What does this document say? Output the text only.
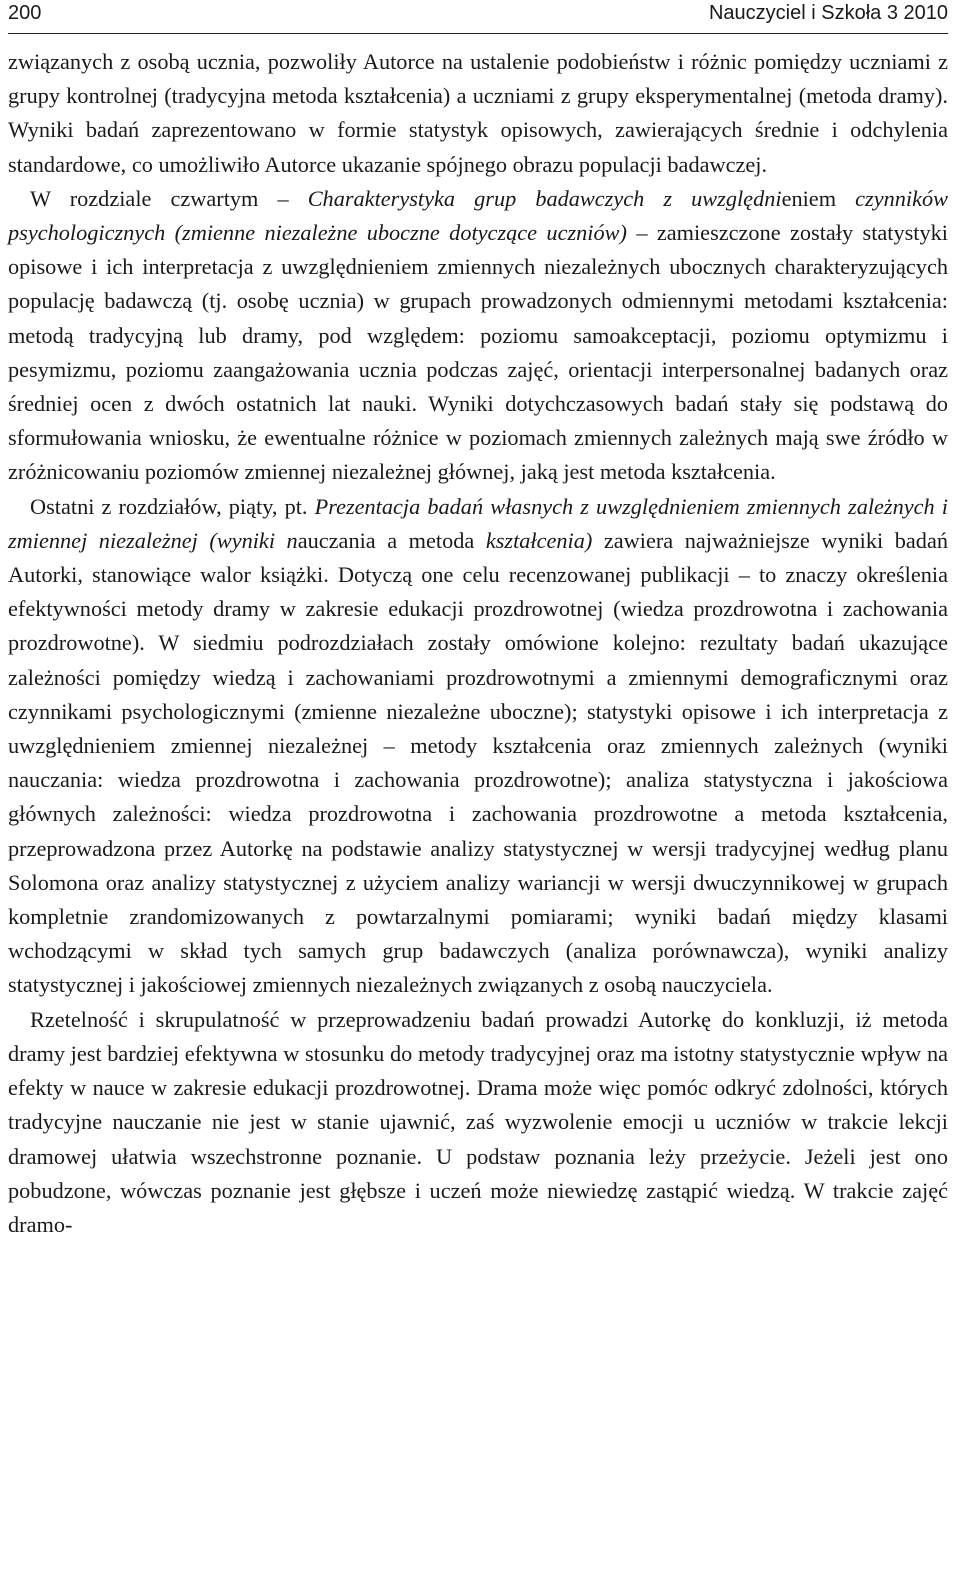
200	Nauczyciel i Szkoła 3 2010

związanych z osobą ucznia, pozwoliły Autorce na ustalenie podobieństw i różnic pomiędzy uczniami z grupy kontrolnej (tradycyjna metoda kształcenia) a uczniami z grupy eksperymentalnej (metoda dramy). Wyniki badań zaprezentowano w formie statystyk opisowych, zawierających średnie i odchylenia standardowe, co umożliwiło Autorce ukazanie spójnego obrazu populacji badawczej.

W rozdziale czwartym – Charakterystyka grup badawczych z uwzględnieniem czynników psychologicznych (zmienne niezależne uboczne dotyczące uczniów) – zamieszczone zostały statystyki opisowe i ich interpretacja z uwzględnieniem zmiennych niezależnych ubocznych charakteryzujących populację badawczą (tj. osobę ucznia) w grupach prowadzonych odmiennymi metodami kształcenia: metodą tradycyjną lub dramy, pod względem: poziomu samoakceptacji, poziomu optymizmu i pesymizmu, poziomu zaangażowania ucznia podczas zajęć, orientacji interpersonalnej badanych oraz średniej ocen z dwóch ostatnich lat nauki. Wyniki dotychczasowych badań stały się podstawą do sformułowania wniosku, że ewentualne różnice w poziomach zmiennych zależnych mają swe źródło w zróżnicowaniu poziomów zmiennej niezależnej głównej, jaką jest metoda kształcenia.

Ostatni z rozdziałów, piąty, pt. Prezentacja badań własnych z uwzględnieniem zmiennych zależnych i zmiennej niezależnej (wyniki nauczania a metoda kształcenia) zawiera najważniejsze wyniki badań Autorki, stanowiące walor książki. Dotyczą one celu recenzowanej publikacji – to znaczy określenia efektywności metody dramy w zakresie edukacji prozdrowotnej (wiedza prozdrowotna i zachowania prozdrowotne). W siedmiu podrozdziałach zostały omówione kolejno: rezultaty badań ukazujące zależności pomiędzy wiedzą i zachowaniami prozdrowotnymi a zmiennymi demograficznymi oraz czynnikami psychologicznymi (zmienne niezależne uboczne); statystyki opisowe i ich interpretacja z uwzględnieniem zmiennej niezależnej – metody kształcenia oraz zmiennych zależnych (wyniki nauczania: wiedza prozdrowotna i zachowania prozdrowotne); analiza statystyczna i jakościowa głównych zależności: wiedza prozdrowotna i zachowania prozdrowotne a metoda kształcenia, przeprowadzona przez Autorkę na podstawie analizy statystycznej w wersji tradycyjnej według planu Solomona oraz analizy statystycznej z użyciem analizy wariancji w wersji dwuczynnikowej w grupach kompletnie zrandomizowanych z powtarzalnymi pomiarami; wyniki badań między klasami wchodzącymi w skład tych samych grup badawczych (analiza porównawcza), wyniki analizy statystycznej i jakościowej zmiennych niezależnych związanych z osobą nauczyciela.

Rzetelność i skrupulatność w przeprowadzeniu badań prowadzi Autorkę do konkluzji, iż metoda dramy jest bardziej efektywna w stosunku do metody tradycyjnej oraz ma istotny statystycznie wpływ na efekty w nauce w zakresie edukacji prozdrowotnej. Drama może więc pomóc odkryć zdolności, których tradycyjne nauczanie nie jest w stanie ujawnić, zaś wyzwolenie emocji u uczniów w trakcie lekcji dramowej ułatwia wszechstronne poznanie. U podstaw poznania leży przeżycie. Jeżeli jest ono pobudzone, wówczas poznanie jest głębsze i uczeń może niewiedzę zastąpić wiedzą. W trakcie zajęć dramo-
